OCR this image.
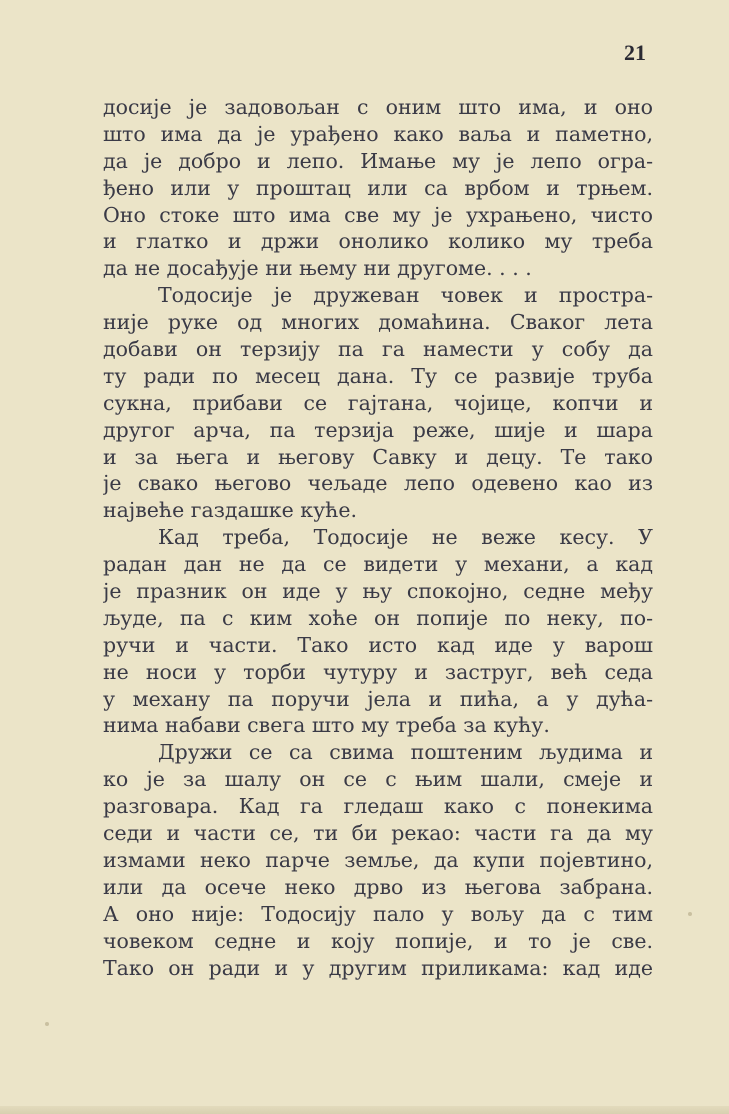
21
досије је задовољан с оним што има, и оно
што има да је урађено како ваља и паметно,
да је добро и лепо. Имање му је лепо огра-
ђено или у проштац или са врбом и трњем.
Оно стоке што има све му је ухрањено, чисто
и глатко и држи онолико колико му треба
да не досађује ни њему ни другоме. . . .
Тодосије је дружеван човек и простра-
није руке од многих домаћина. Сваког лета
добави он терзију па га намести у собу да
ту ради по месец дана. Ту се развије труба
сукна, прибави се гајтана, чојице, копчи и
другог арча, па терзија реже, шије и шара
и за њега и његову Савку и децу. Те тако
је свако његово чељаде лепо одевено као из
највеће газдашке куће.
Кад треба, Тодосије не веже кесу. У
радан дан не да се видети у механи, а кад
је празник он иде у њу спокојно, седне међу
људе, па с ким хоће он попије по неку, по-
ручи и части. Тако исто кад иде у варош
не носи у торби чутуру и заструг, већ седа
у механу па поручи јела и пића, а у дућа-
нима набави свега што му треба за кућу.
Дружи се са свима поштеним људима и
ко је за шалу он се с њим шали, смеје и
разговара. Кад га гледаш како с понекима
седи и части се, ти би рекао: части га да му
измами неко парче земље, да купи појевтино,
или да осече неко дрво из његова забрана.
А оно није: Тодосију пало у вољу да с тим
човеком седне и коју попије, и то је све.
Тако он ради и у другим приликама: кад иде
